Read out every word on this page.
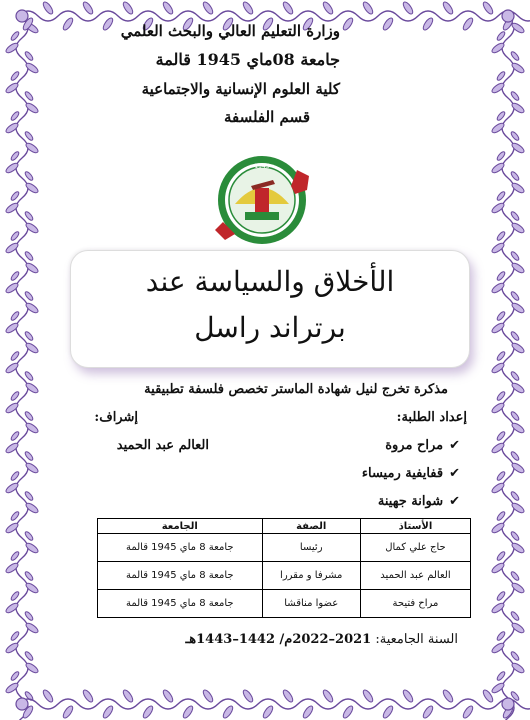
وزارة التعليم العالي والبحث العلمي
جامعة 08ماي 1945 قالمة
كلية العلوم الإنسانية والاجتماعية
قسم الفلسفة
1945
الأخلاق والسياسة عند
برتراند راسل
مذكرة تخرج لنيل شهادة الماستر تخصص فلسفة تطبيقية
إعداد الطلبة:
إشراف:
العالم عبد الحميد	✔مراح مروة
✔قفايفية رميساء
✔شوانة جهينة
الأستاذ	الصفة	الجامعة
حاج علي كمال	رئيسا	جامعة 8 ماي 1945 قالمة
العالم عبد الحميد	مشرفا و مقررا	جامعة 8 ماي 1945 قالمة
مراح فتيحة	عضوا مناقشا	جامعة 8 ماي 1945 قالمة
السنة الجامعية: 2021–2022م/ 1442–1443هـ
